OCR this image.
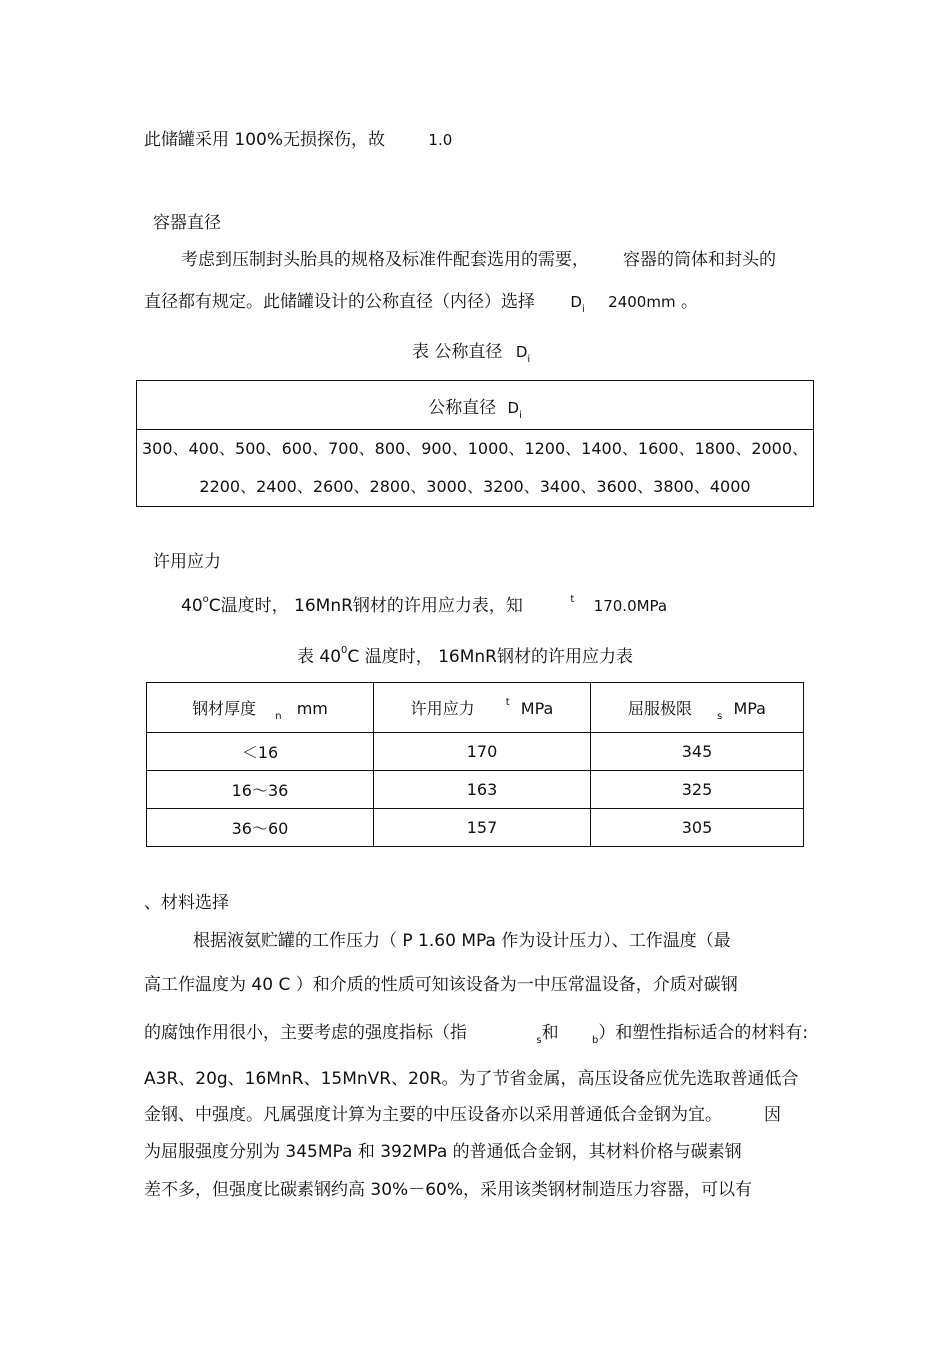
此储罐采用 100%无损探伤，故	1.0
容器直径
考虑到压制封头胎具的规格及标准件配套选用的需要， 容器的筒体和封头的
直径都有规定。此储罐设计的公称直径（内径）选择 $D_i$ 2400mm 。
表 公称直径 $D_i$
公称直径 $D_i$

300、400、500、600、700、800、900、1000、1200、1400、1600、1800、2000、
2200、2400、2600、2800、3000、3200、3400、3600、3800、4000
许用应力
40$^o$C温度时， 16MnR钢材的许用应力表，知	$^t$ 170.0MPa
表 $40^0C$ 温度时， 16MnR钢材的许用应力表
钢材厚度 $_n$ mm	许用应力 $^t$ MPa	屈服极限 $_s$ MPa
＜16	170	345
16～36	163	325
36～60	157	305
、材料选择
根据液氨贮罐的工作压力（ P 1.60 MPa 作为设计压力）、工作温度（最
高工作温度为 40 C ）和介质的性质可知该设备为一中压常温设备，介质对碳钢
的腐蚀作用很小，主要考虑的强度指标（指	$_s$和	$_b$）和塑性指标适合的材料有:
A3R、20g、16MnR、15MnVR、20R。为了节省金属，高压设备应优先选取普通低合
金钢、中强度。凡属强度计算为主要的中压设备亦以采用普通低合金钢为宜。 因
为屈服强度分别为 345MPa 和 392MPa 的普通低合金钢，其材料价格与碳素钢
差不多，但强度比碳素钢约高 30%－60%，采用该类钢材制造压力容器，可以有
